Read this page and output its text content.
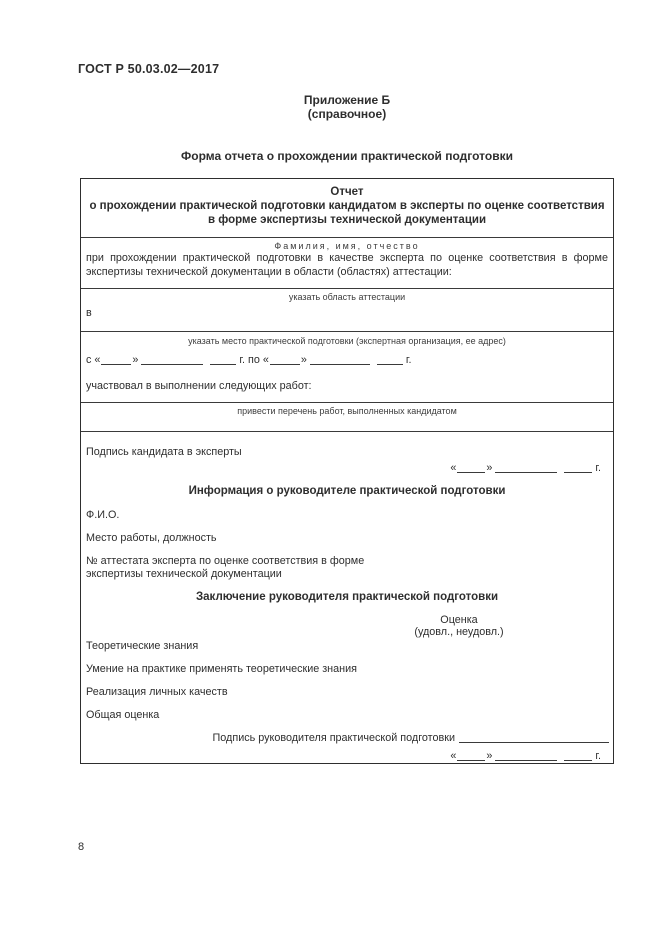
ГОСТ Р 50.03.02—2017
Приложение Б
(справочное)
Форма отчета о прохождении практической подготовки
Отчет
о прохождении практической подготовки кандидатом в эксперты по оценке соответствия
в форме экспертизы технической документации
Фамилия, имя, отчество
при прохождении практической подготовки в качестве эксперта по оценке соответствия в форме экспертизы технической документации в области (областях) аттестации:
указать область аттестации
в
указать место практической подготовки (экспертная организация, ее адрес)
с «	»	г. по «	»	г.
участвовал в выполнении следующих работ:
привести перечень работ, выполненных кандидатом
Подпись кандидата в эксперты
«	»	г.
Информация о руководителе практической подготовки
Ф.И.О.
Место работы, должность
№ аттестата эксперта по оценке соответствия в форме
экспертизы технической документации
Заключение руководителя практической подготовки
Оценка
(удовл., неудовл.)
Теоретические знания
Умение на практике применять теоретические знания
Реализация личных качеств
Общая оценка
Подпись руководителя практической подготовки
«	»	г.
8
